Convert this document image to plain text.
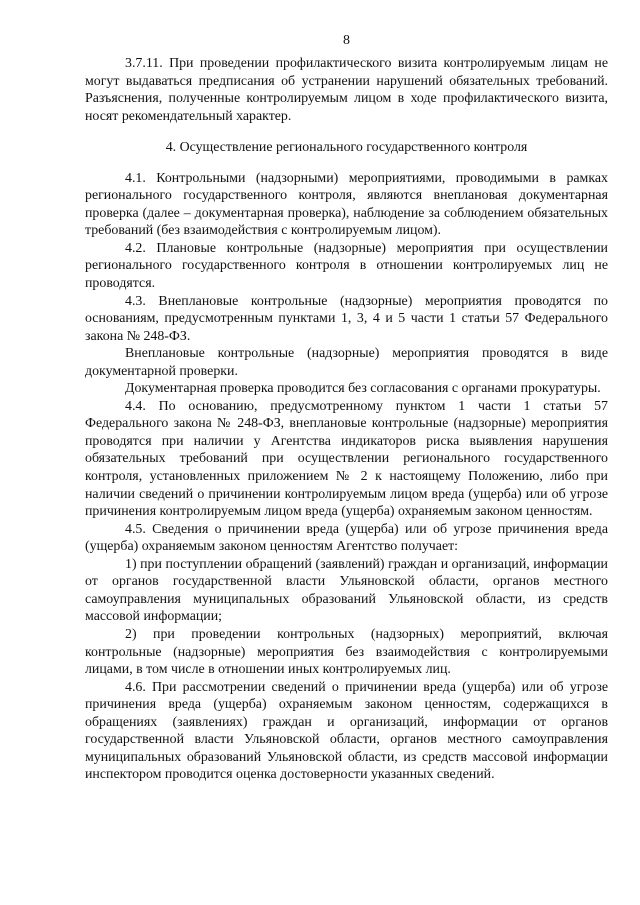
8

3.7.11. При проведении профилактического визита контролируемым лицам не могут выдаваться предписания об устранении нарушений обязательных требований. Разъяснения, полученные контролируемым лицом в ходе профилактического визита, носят рекомендательный характер.

4. Осуществление регионального государственного контроля

4.1. Контрольными (надзорными) мероприятиями, проводимыми в рамках регионального государственного контроля, являются внеплановая документарная проверка (далее – документарная проверка), наблюдение за соблюдением обязательных требований (без взаимодействия с контролируемым лицом).

4.2. Плановые контрольные (надзорные) мероприятия при осуществлении регионального государственного контроля в отношении контролируемых лиц не проводятся.

4.3. Внеплановые контрольные (надзорные) мероприятия проводятся по основаниям, предусмотренным пунктами 1, 3, 4 и 5 части 1 статьи 57 Федерального закона № 248-ФЗ.

Внеплановые контрольные (надзорные) мероприятия проводятся в виде документарной проверки.

Документарная проверка проводится без согласования с органами прокуратуры.

4.4. По основанию, предусмотренному пунктом 1 части 1 статьи 57 Федерального закона № 248-ФЗ, внеплановые контрольные (надзорные) мероприятия проводятся при наличии у Агентства индикаторов риска выявления нарушения обязательных требований при осуществлении регионального государственного контроля, установленных приложением № 2 к настоящему Положению, либо при наличии сведений о причинении контролируемым лицом вреда (ущерба) или об угрозе причинения контролируемым лицом вреда (ущерба) охраняемым законом ценностям.

4.5. Сведения о причинении вреда (ущерба) или об угрозе причинения вреда (ущерба) охраняемым законом ценностям Агентство получает:

1) при поступлении обращений (заявлений) граждан и организаций, информации от органов государственной власти Ульяновской области, органов местного самоуправления муниципальных образований Ульяновской области, из средств массовой информации;

2) при проведении контрольных (надзорных) мероприятий, включая контрольные (надзорные) мероприятия без взаимодействия с контролируемыми лицами, в том числе в отношении иных контролируемых лиц.

4.6. При рассмотрении сведений о причинении вреда (ущерба) или об угрозе причинения вреда (ущерба) охраняемым законом ценностям, содержащихся в обращениях (заявлениях) граждан и организаций, информации от органов государственной власти Ульяновской области, органов местного самоуправления муниципальных образований Ульяновской области, из средств массовой информации инспектором проводится оценка достоверности указанных сведений.
